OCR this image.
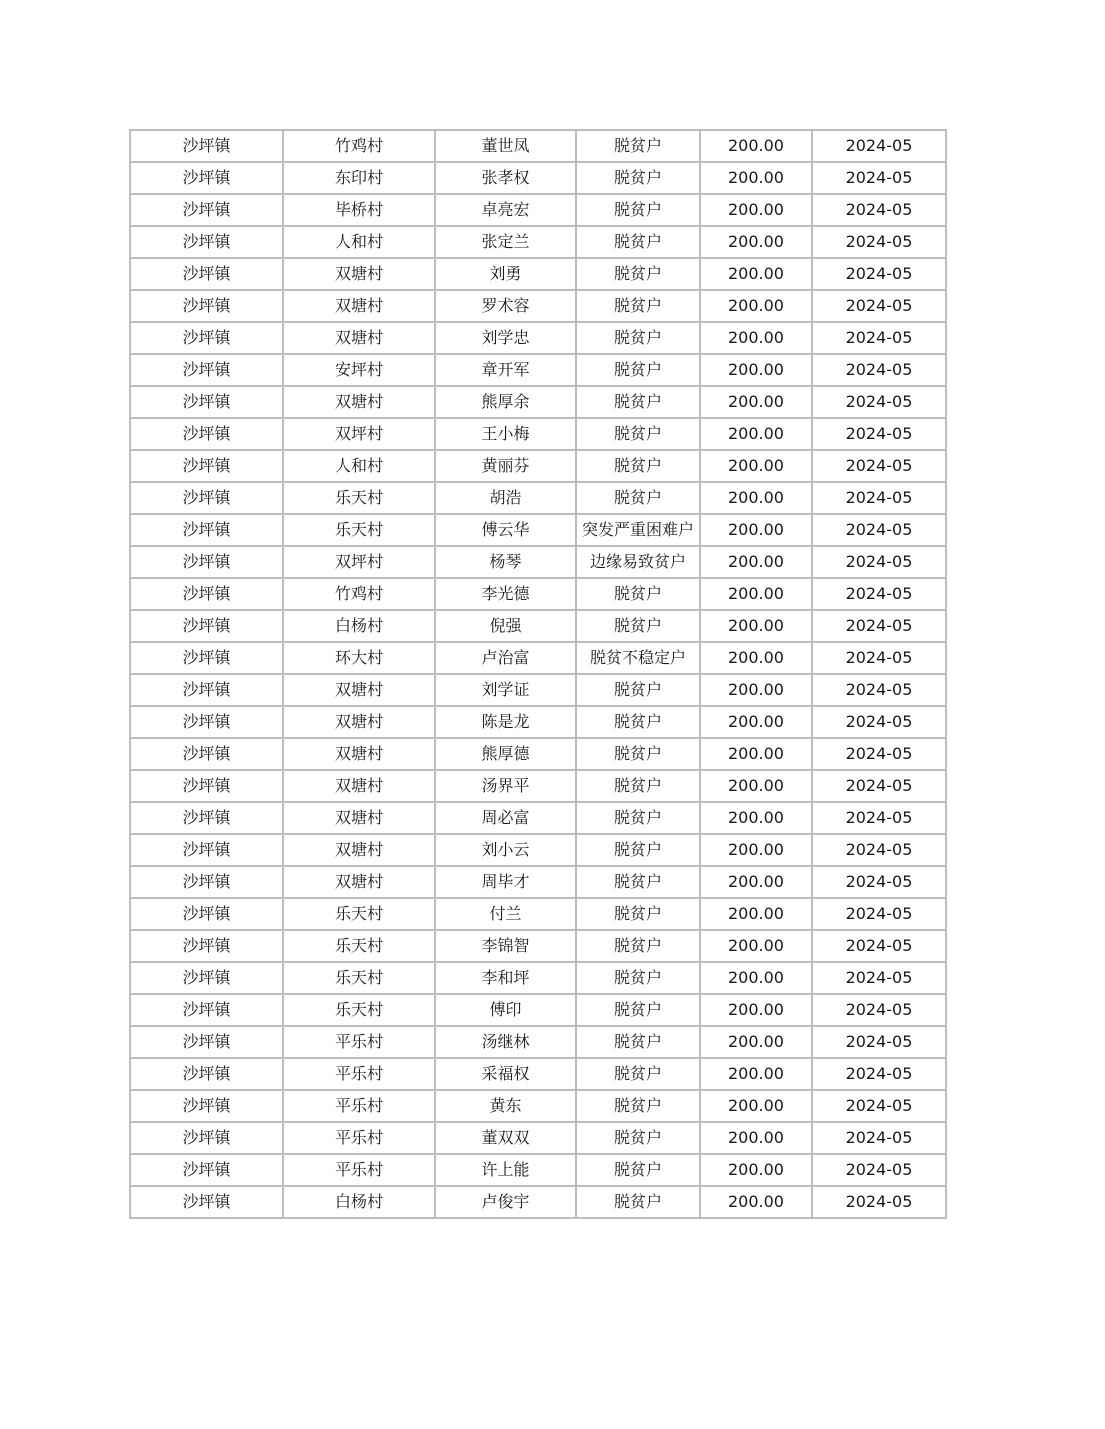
沙坪镇	竹鸡村	董世凤	脱贫户	200.00	2024-05
沙坪镇	东印村	张孝权	脱贫户	200.00	2024-05
沙坪镇	毕桥村	卓亮宏	脱贫户	200.00	2024-05
沙坪镇	人和村	张定兰	脱贫户	200.00	2024-05
沙坪镇	双塘村	刘勇	脱贫户	200.00	2024-05
沙坪镇	双塘村	罗术容	脱贫户	200.00	2024-05
沙坪镇	双塘村	刘学忠	脱贫户	200.00	2024-05
沙坪镇	安坪村	章开军	脱贫户	200.00	2024-05
沙坪镇	双塘村	熊厚余	脱贫户	200.00	2024-05
沙坪镇	双坪村	王小梅	脱贫户	200.00	2024-05
沙坪镇	人和村	黄丽芬	脱贫户	200.00	2024-05
沙坪镇	乐天村	胡浩	脱贫户	200.00	2024-05
沙坪镇	乐天村	傅云华	突发严重困难户	200.00	2024-05
沙坪镇	双坪村	杨琴	边缘易致贫户	200.00	2024-05
沙坪镇	竹鸡村	李光德	脱贫户	200.00	2024-05
沙坪镇	白杨村	倪强	脱贫户	200.00	2024-05
沙坪镇	环大村	卢治富	脱贫不稳定户	200.00	2024-05
沙坪镇	双塘村	刘学证	脱贫户	200.00	2024-05
沙坪镇	双塘村	陈是龙	脱贫户	200.00	2024-05
沙坪镇	双塘村	熊厚德	脱贫户	200.00	2024-05
沙坪镇	双塘村	汤界平	脱贫户	200.00	2024-05
沙坪镇	双塘村	周必富	脱贫户	200.00	2024-05
沙坪镇	双塘村	刘小云	脱贫户	200.00	2024-05
沙坪镇	双塘村	周毕才	脱贫户	200.00	2024-05
沙坪镇	乐天村	付兰	脱贫户	200.00	2024-05
沙坪镇	乐天村	李锦智	脱贫户	200.00	2024-05
沙坪镇	乐天村	李和坪	脱贫户	200.00	2024-05
沙坪镇	乐天村	傅印	脱贫户	200.00	2024-05
沙坪镇	平乐村	汤继林	脱贫户	200.00	2024-05
沙坪镇	平乐村	采福权	脱贫户	200.00	2024-05
沙坪镇	平乐村	黄东	脱贫户	200.00	2024-05
沙坪镇	平乐村	董双双	脱贫户	200.00	2024-05
沙坪镇	平乐村	许上能	脱贫户	200.00	2024-05
沙坪镇	白杨村	卢俊宇	脱贫户	200.00	2024-05
